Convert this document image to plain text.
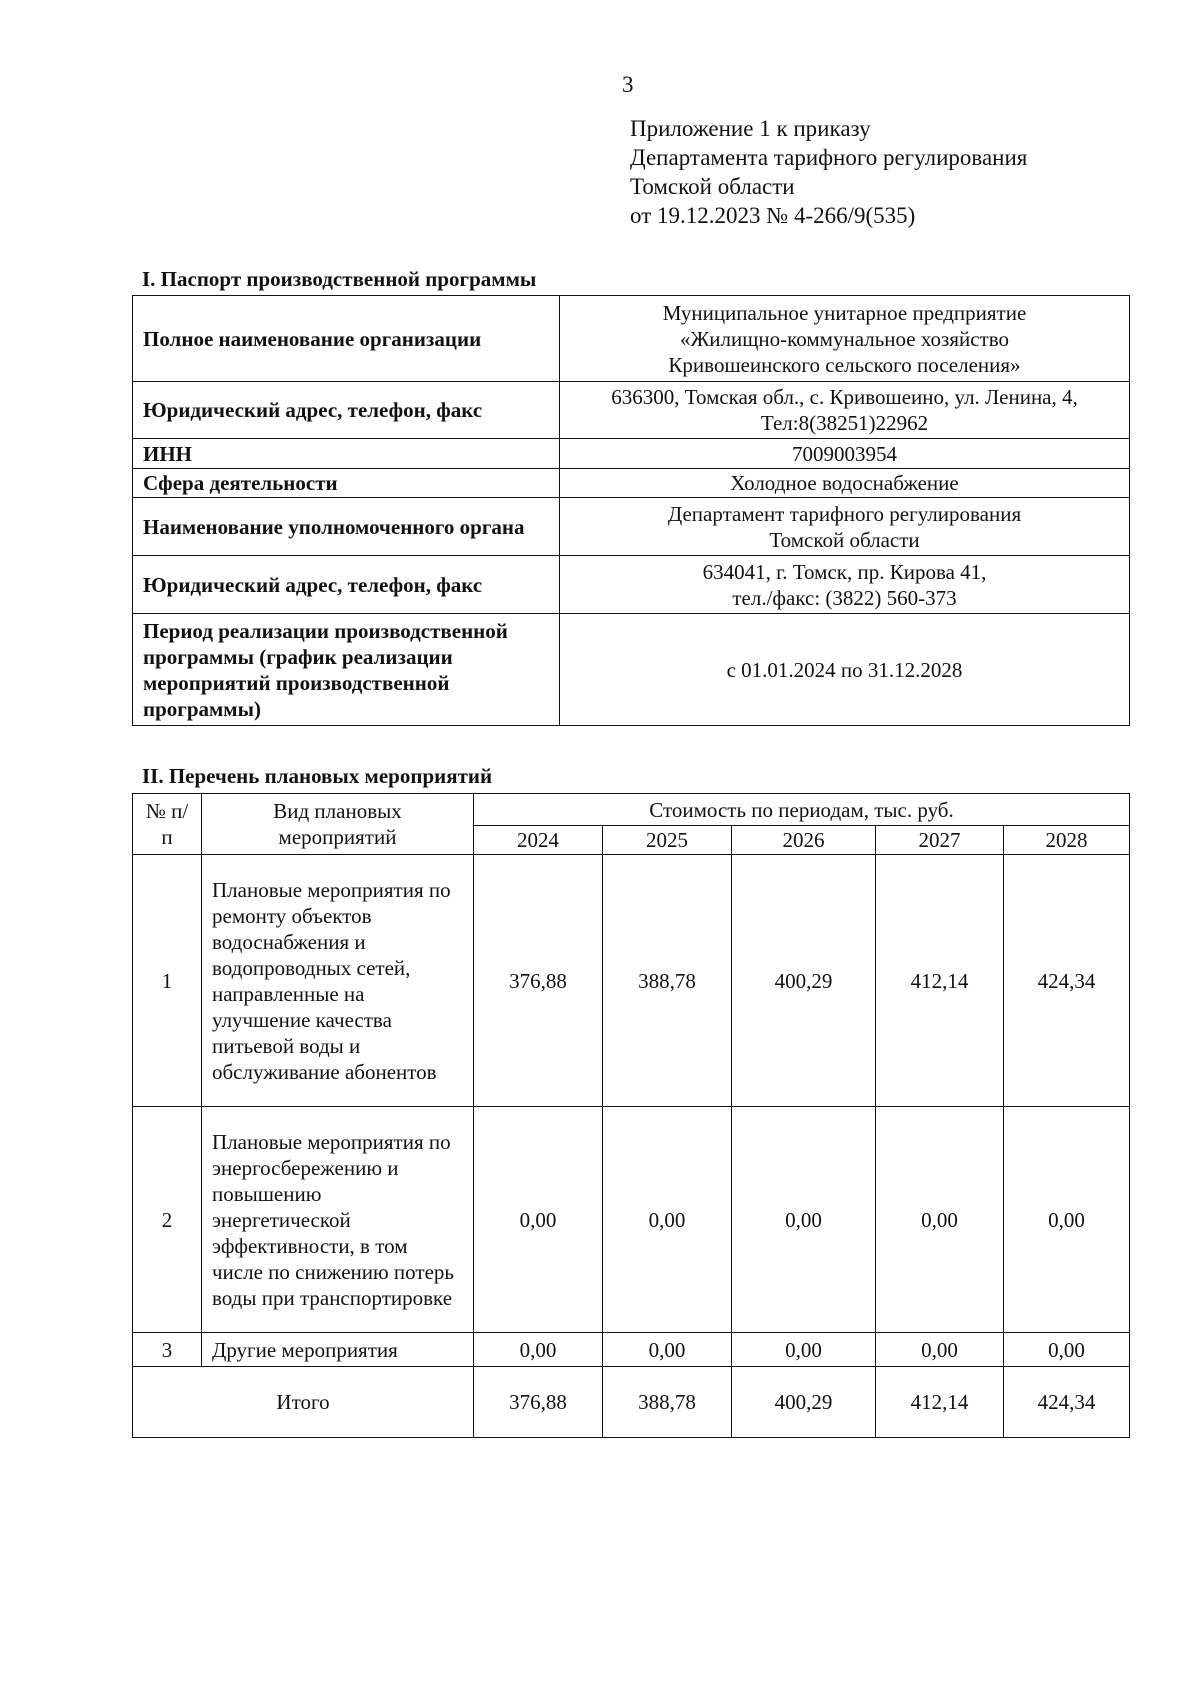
3
Приложение 1 к приказу
Департамента тарифного регулирования
Томской области
от 19.12.2023 № 4-266/9(535)
I. Паспорт производственной программы
Полное наименование организации	Муниципальное унитарное предприятие
«Жилищно-коммунальное хозяйство
Кривошеинского сельского поселения»

Юридический адрес, телефон, факс	636300, Томская обл., с. Кривошеино, ул. Ленина, 4,
Тел:8(38251)22962

ИНН	7009003954
Сфера деятельности	Холодное водоснабжение
Наименование уполномоченного органа	Департамент тарифного регулирования
Томской области

Юридический адрес, телефон, факс	634041, г. Томск, пр. Кирова 41,
тел./факс: (3822) 560-373

Период реализации производственной программы (график реализации мероприятий производственной программы)	с 01.01.2024 по 31.12.2028
II. Перечень плановых мероприятий
№ п/п	Вид плановых мероприятий	Стоимость по периодам, тыс. руб.				
		2024	2025	2026	2027	2028
1	Плановые мероприятия по ремонту объектов водоснабжения и водопроводных сетей, направленные на улучшение качества питьевой воды и обслуживание абонентов	376,88	388,78	400,29	412,14	424,34
2	Плановые мероприятия по энергосбережению и повышению энергетической эффективности, в том числе по снижению потерь воды при транспортировке	0,00	0,00	0,00	0,00	0,00
3	Другие мероприятия	0,00	0,00	0,00	0,00	0,00
Итого		376,88	388,78	400,29	412,14	424,34
